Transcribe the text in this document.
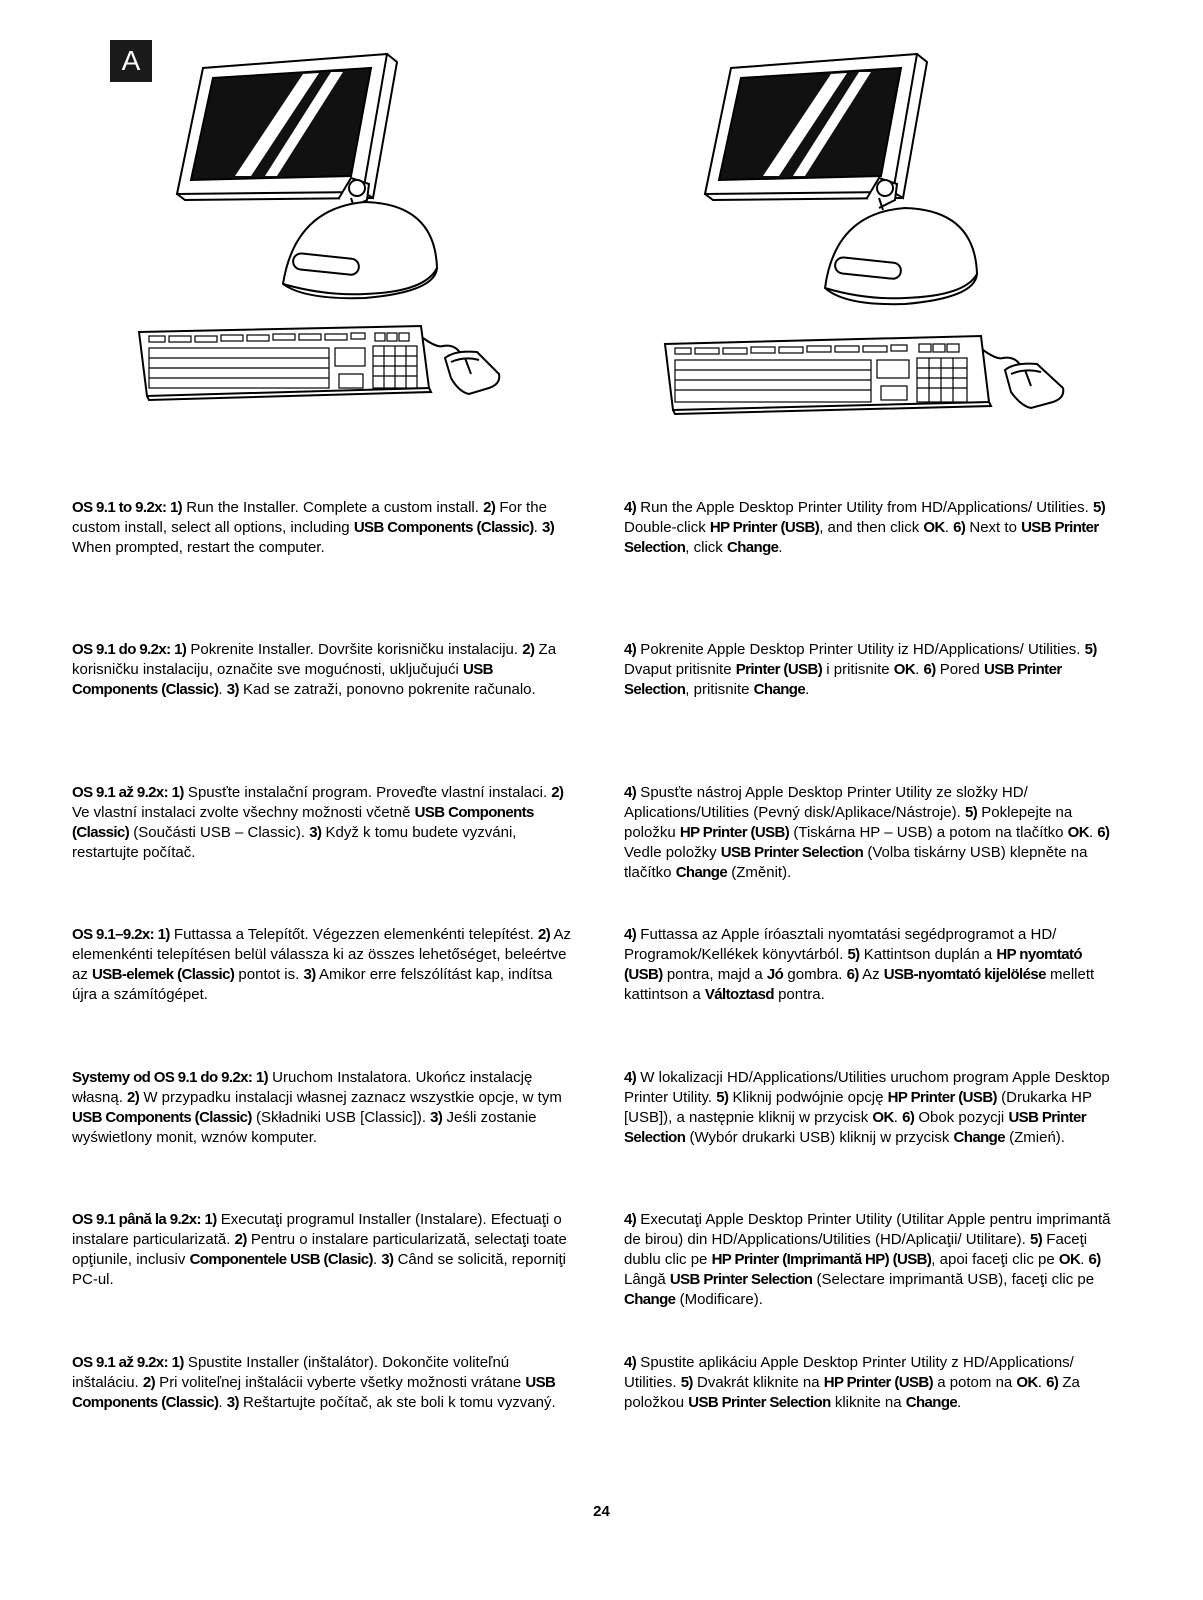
A
OS 9.1 to 9.2x: 1) Run the Installer. Complete a custom install. 2) For the custom install, select all options, including USB Components (Classic). 3) When prompted, restart the computer.
4) Run the Apple Desktop Printer Utility from HD/Applications/ Utilities. 5) Double-click HP Printer (USB), and then click OK. 6) Next to USB Printer Selection, click Change.
OS 9.1 do 9.2x: 1) Pokrenite Installer. Dovršite korisničku instalaciju. 2) Za korisničku instalaciju, označite sve mogućnosti, uključujući USB Components (Classic). 3) Kad se zatraži, ponovno pokrenite računalo.
4) Pokrenite Apple Desktop Printer Utility iz HD/Applications/ Utilities. 5) Dvaput pritisnite Printer (USB) i pritisnite OK. 6) Pored USB Printer Selection, pritisnite Change.
OS 9.1 až 9.2x: 1) Spusťte instalační program. Proveďte vlastní instalaci. 2) Ve vlastní instalaci zvolte všechny možnosti včetně USB Components (Classic) (Součásti USB – Classic). 3) Když k tomu budete vyzváni, restartujte počítač.
4) Spusťte nástroj Apple Desktop Printer Utility ze složky HD/ Aplications/Utilities (Pevný disk/Aplikace/Nástroje). 5) Poklepejte na položku HP Printer (USB) (Tiskárna HP – USB) a potom na tlačítko OK. 6) Vedle položky USB Printer Selection (Volba tiskárny USB) klepněte na tlačítko Change (Změnit).
OS 9.1–9.2x: 1) Futtassa a Telepítőt. Végezzen elemenkénti telepítést. 2) Az elemenkénti telepítésen belül válassza ki az összes lehetőséget, beleértve az USB-elemek (Classic) pontot is. 3) Amikor erre felszólítást kap, indítsa újra a számítógépet.
4) Futtassa az Apple íróasztali nyomtatási segédprogramot a HD/ Programok/Kellékek könyvtárból. 5) Kattintson duplán a HP nyomtató (USB) pontra, majd a Jó gombra. 6) Az USB-nyomtató kijelölése mellett kattintson a Változtasd pontra.
Systemy od OS 9.1 do 9.2x: 1) Uruchom Instalatora. Ukończ instalację własną. 2) W przypadku instalacji własnej zaznacz wszystkie opcje, w tym USB Components (Classic) (Składniki USB [Classic]). 3) Jeśli zostanie wyświetlony monit, wznów komputer.
4) W lokalizacji HD/Applications/Utilities uruchom program Apple Desktop Printer Utility. 5) Kliknij podwójnie opcję HP Printer (USB) (Drukarka HP [USB]), a następnie kliknij w przycisk OK. 6) Obok pozycji USB Printer Selection (Wybór drukarki USB) kliknij w przycisk Change (Zmień).
OS 9.1 până la 9.2x: 1) Executaţi programul Installer (Instalare). Efectuaţi o instalare particularizată. 2) Pentru o instalare particularizată, selectaţi toate opţiunile, inclusiv Componentele USB (Clasic). 3) Când se solicită, reporniţi PC-ul.
4) Executaţi Apple Desktop Printer Utility (Utilitar Apple pentru imprimantă de birou) din HD/Applications/Utilities (HD/Aplicaţii/ Utilitare). 5) Faceţi dublu clic pe HP Printer (Imprimantă HP) (USB), apoi faceţi clic pe OK. 6) Lângă USB Printer Selection (Selectare imprimantă USB), faceţi clic pe Change (Modificare).
OS 9.1 až 9.2x: 1) Spustite Installer (inštalátor). Dokončite voliteľnú inštaláciu. 2) Pri voliteľnej inštalácii vyberte všetky možnosti vrátane USB Components (Classic). 3) Reštartujte počítač, ak ste boli k tomu vyzvaný.
4) Spustite aplikáciu Apple Desktop Printer Utility z HD/Applications/ Utilities. 5) Dvakrát kliknite na HP Printer (USB) a potom na OK. 6) Za položkou USB Printer Selection kliknite na Change.
24
